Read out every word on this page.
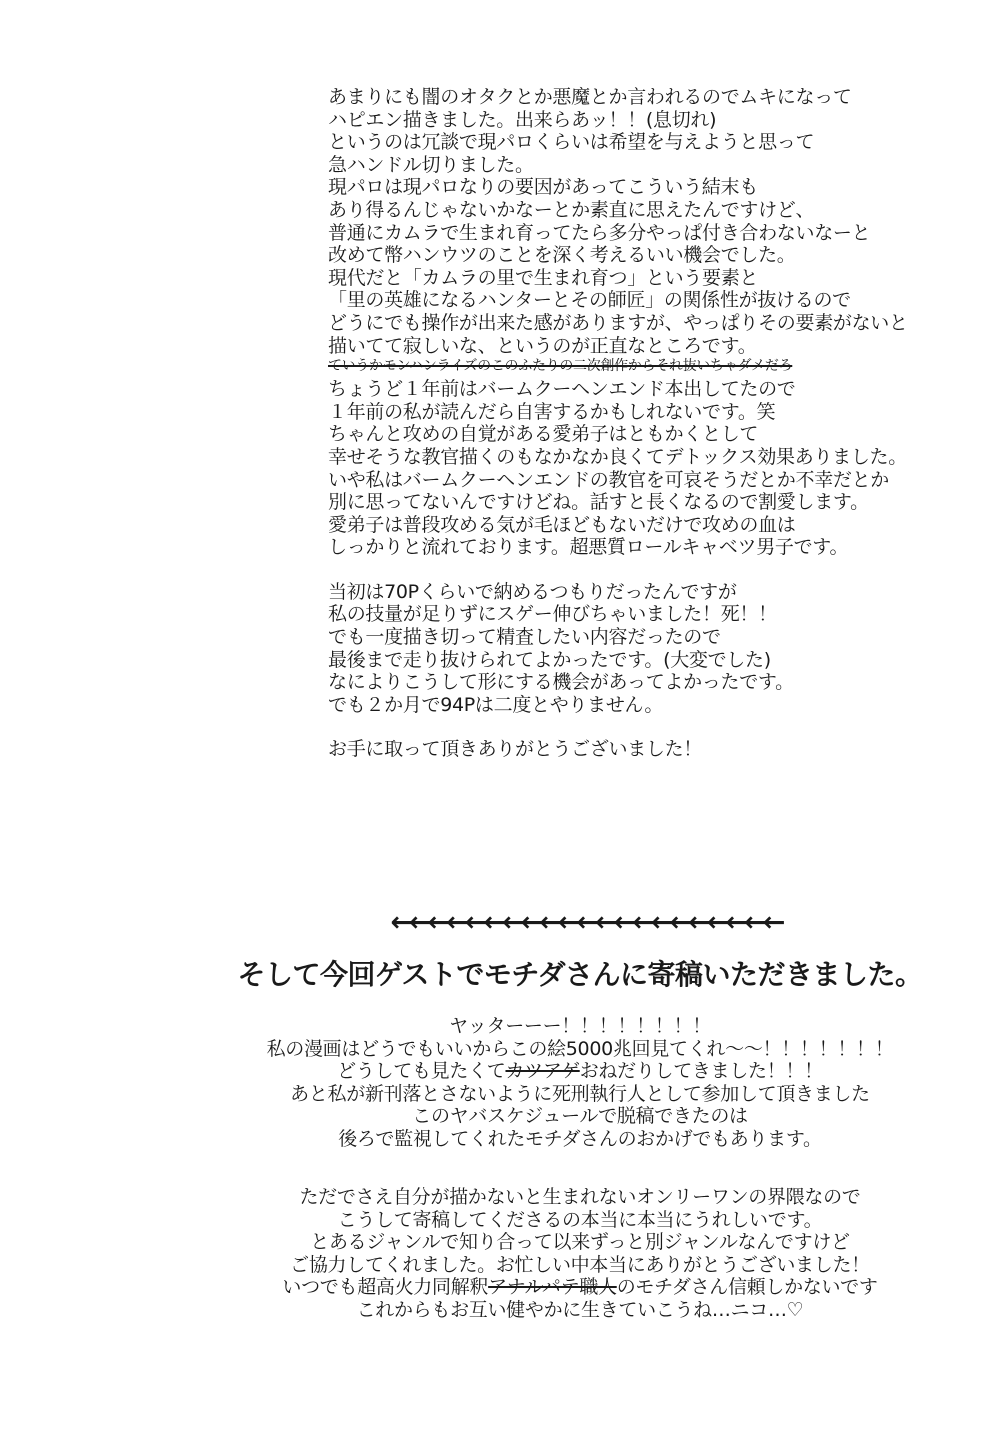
あまりにも闇のオタクとか悪魔とか言われるのでムキになって
ハピエン描きました。出来らあッ！！(息切れ)
というのは冗談で現パロくらいは希望を与えようと思って
急ハンドル切りました。
現パロは現パロなりの要因があってこういう結末も
あり得るんじゃないかなーとか素直に思えたんですけど、
普通にカムラで生まれ育ってたら多分やっぱ付き合わないなーと
改めて幣ハンウツのことを深く考えるいい機会でした。
現代だと「カムラの里で生まれ育つ」という要素と
「里の英雄になるハンターとその師匠」の関係性が抜けるので
どうにでも操作が出来た感がありますが、やっぱりその要素がないと
描いてて寂しいな、というのが正直なところです。
ていうかモンハンライズのこのふたりの二次創作からそれ抜いちゃダメだろ
ちょうど１年前はバームクーヘンエンド本出してたので
１年前の私が読んだら自害するかもしれないです。笑
ちゃんと攻めの自覚がある愛弟子はともかくとして
幸せそうな教官描くのもなかなか良くてデトックス効果ありました。
いや私はバームクーヘンエンドの教官を可哀そうだとか不幸だとか
別に思ってないんですけどね。話すと長くなるので割愛します。
愛弟子は普段攻める気が毛ほどもないだけで攻めの血は
しっかりと流れております。超悪質ロールキャベツ男子です。
当初は70Pくらいで納めるつもりだったんですが
私の技量が足りずにスゲー伸びちゃいました！死！！
でも一度描き切って精査したい内容だったので
最後まで走り抜けられてよかったです。(大変でした)
なによりこうして形にする機会があってよかったです。
でも２か月で94Pは二度とやりません。
お手に取って頂きありがとうございました！
←←←←←←←←←←←←←←←←←←←←←
そして今回ゲストでモチダさんに寄稿いただきました。
ヤッターーー！！！！！！！！
私の漫画はどうでもいいからこの絵5000兆回見てくれ～～！！！！！！！
どうしても見たくてカツアゲおねだりしてきました！！！
あと私が新刊落とさないように死刑執行人として参加して頂きました
このヤバスケジュールで脱稿できたのは
後ろで監視してくれたモチダさんのおかげでもあります。
ただでさえ自分が描かないと生まれないオンリーワンの界隈なので
こうして寄稿してくださるの本当に本当にうれしいです。
とあるジャンルで知り合って以来ずっと別ジャンルなんですけど
ご協力してくれました。お忙しい中本当にありがとうございました！
いつでも超高火力同解釈アナルパテ職人のモチダさん信頼しかないです
これからもお互い健やかに生きていこうね…ニコ…♡
